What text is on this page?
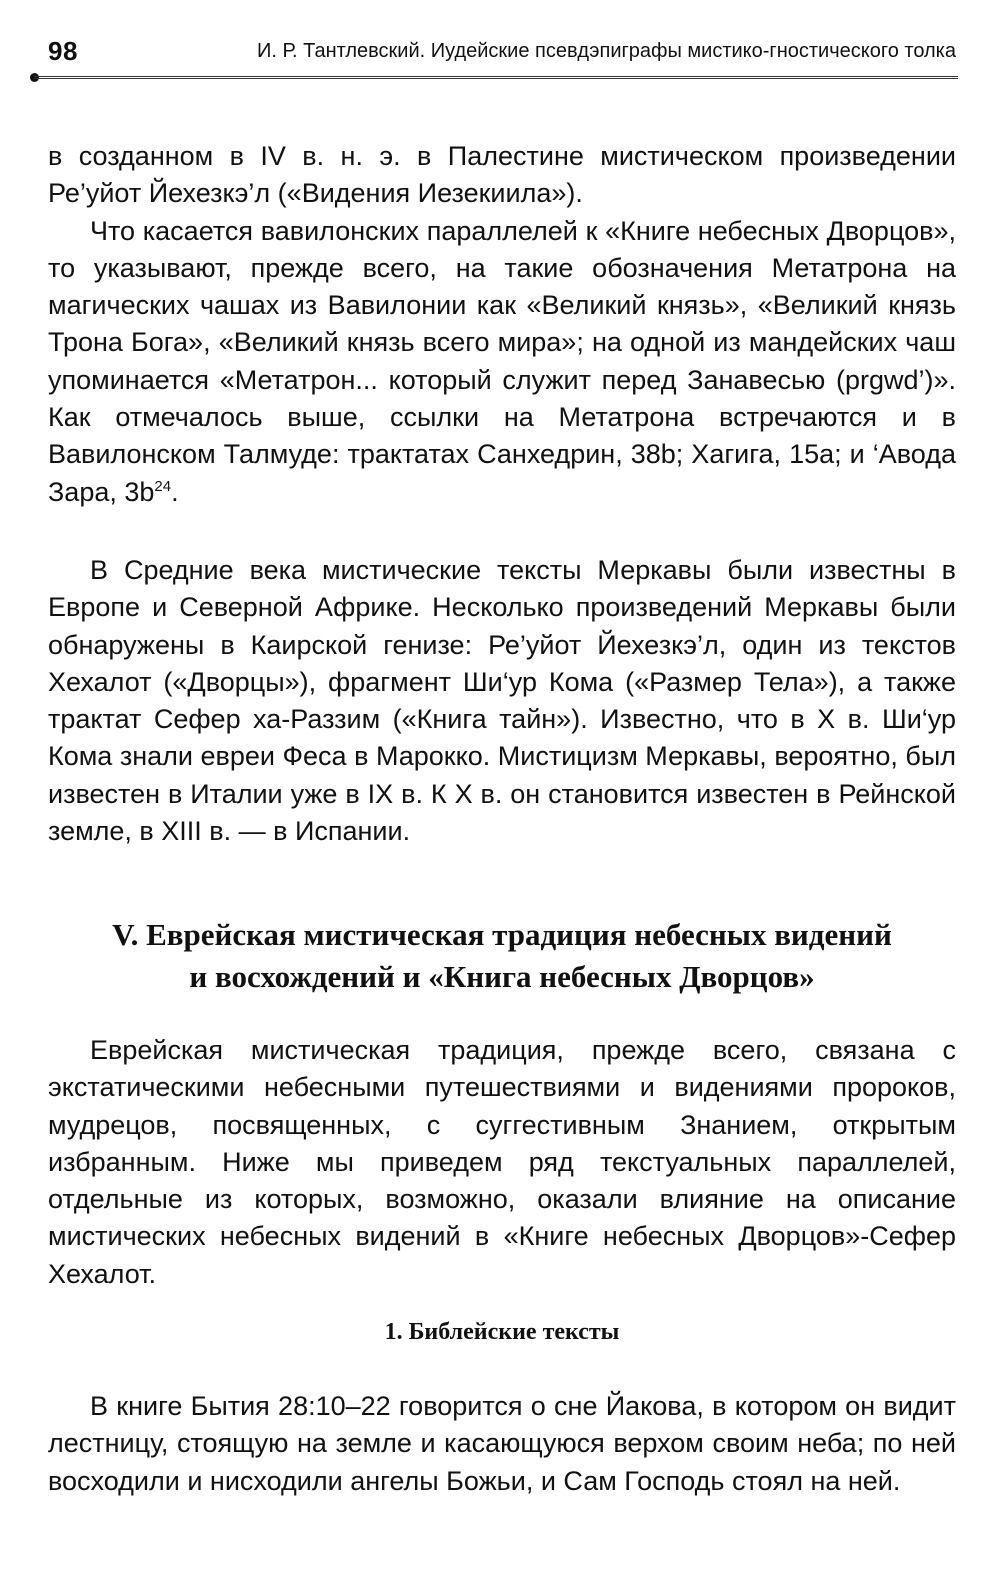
98	И. Р. Тантлевский. Иудейские псевдэпиграфы мистико-гностического толка

в созданном в IV в. н. э. в Палестине мистическом произведении Ре’уйот Йехезкэ’л («Видения Иезекиила»).

Что касается вавилонских параллелей к «Книге небесных Дворцов», то указывают, прежде всего, на такие обозначения Метатрона на магических чашах из Вавилонии как «Великий князь», «Великий князь Трона Бога», «Великий князь всего мира»; на одной из мандейских чаш упоминается «Метатрон... который служит перед Занавесью (prgwd’)». Как отмечалось выше, ссылки на Метатрона встречаются и в Вавилонском Талмуде: трактатах Санхедрин, 38b; Хагига, 15а; и ‘Авода Зара, $3b^{24}$.

В Средние века мистические тексты Меркавы были известны в Европе и Северной Африке. Несколько произведений Меркавы были обнаружены в Каирской генизе: Ре’уйот Йехезкэ’л, один из текстов Хехалот («Дворцы»), фрагмент Ши‘ур Кома («Размер Тела»), а также трактат Сефер ха-Раззим («Книга тайн»). Известно, что в X в. Ши‘ур Кома знали евреи Феса в Марокко. Мистицизм Меркавы, вероятно, был известен в Италии уже в IX в. К X в. он становится известен в Рейнской земле, в XIII в. — в Испании.

V. Еврейская мистическая традиция небесных видений
и восхождений и «Книга небесных Дворцов»

Еврейская мистическая традиция, прежде всего, связана с экстатическими небесными путешествиями и видениями пророков, мудрецов, посвященных, с суггестивным Знанием, открытым избранным. Ниже мы приведем ряд текстуальных параллелей, отдельные из которых, возможно, оказали влияние на описание мистических небесных видений в «Книге небесных Дворцов»-Сефер Хехалот.

1. Библейские тексты

В книге Бытия 28:10–22 говорится о сне Йакова, в котором он видит лестницу, стоящую на земле и касающуюся верхом своим неба; по ней восходили и нисходили ангелы Божьи, и Сам Господь стоял на ней.
